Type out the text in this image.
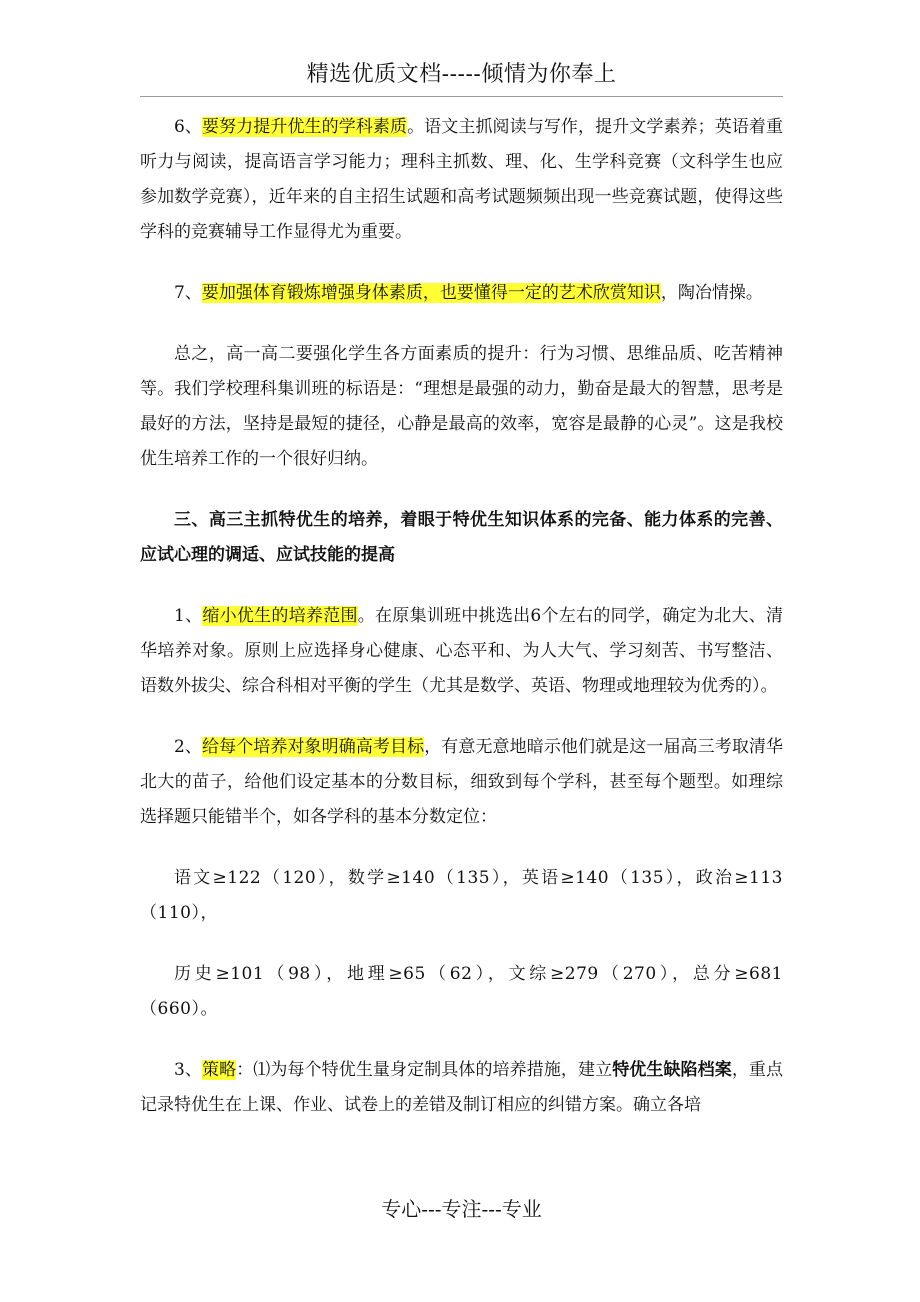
精选优质文档-----倾情为你奉上

6、要努力提升优生的学科素质。语文主抓阅读与写作，提升文学素养；英语着重听力与阅读，提高语言学习能力；理科主抓数、理、化、生学科竞赛（文科学生也应参加数学竞赛），近年来的自主招生试题和高考试题频频出现一些竞赛试题，使得这些学科的竞赛辅导工作显得尤为重要。

7、要加强体育锻炼增强身体素质，也要懂得一定的艺术欣赏知识，陶冶情操。

总之，高一高二要强化学生各方面素质的提升：行为习惯、思维品质、吃苦精神等。我们学校理科集训班的标语是：“理想是最强的动力，勤奋是最大的智慧，思考是最好的方法，坚持是最短的捷径，心静是最高的效率，宽容是最静的心灵”。这是我校优生培养工作的一个很好归纳。

三、高三主抓特优生的培养，着眼于特优生知识体系的完备、能力体系的完善、应试心理的调适、应试技能的提高

1、缩小优生的培养范围。在原集训班中挑选出6个左右的同学，确定为北大、清华培养对象。原则上应选择身心健康、心态平和、为人大气、学习刻苦、书写整洁、语数外拔尖、综合科相对平衡的学生（尤其是数学、英语、物理或地理较为优秀的）。

2、给每个培养对象明确高考目标，有意无意地暗示他们就是这一届高三考取清华北大的苗子，给他们设定基本的分数目标，细致到每个学科，甚至每个题型。如理综选择题只能错半个，如各学科的基本分数定位：

语文≥122（120），数学≥140（135），英语≥140（135），政治≥113（110），

历史≥101（98），地理≥65（62），文综≥279（270），总分≥681（660）。

3、策略：⑴为每个特优生量身定制具体的培养措施，建立特优生缺陷档案，重点记录特优生在上课、作业、试卷上的差错及制订相应的纠错方案。确立各培

专心---专注---专业
